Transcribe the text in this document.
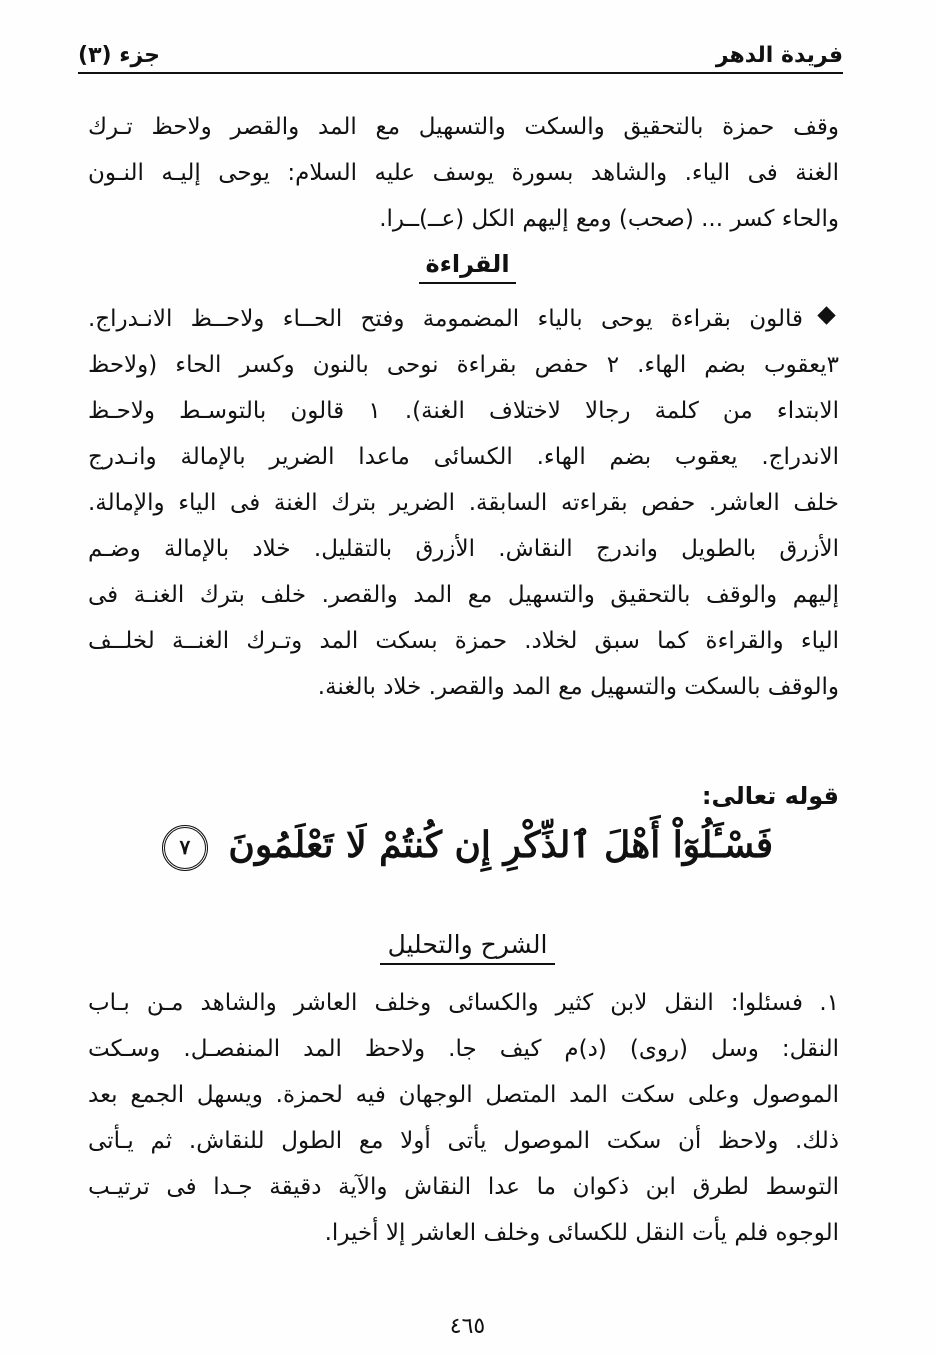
فريدة الدهر
جزء (٣)
وقف حمزة بالتحقيق والسكت والتسهيل مع المد والقصر ولاحظ تـرك
الغنة فى الياء. والشاهد بسورة يوسف عليه السلام: يوحى إليـه النـون
والحاء كسر ... (صحب) ومع إليهم الكل (عــ)ــرا.
القراءة
قالون بقراءة يوحى بالياء المضمومة وفتح الحــاء ولاحــظ الانـدراج.
٣يعقوب بضم الهاء. ٢ حفص بقراءة نوحى بالنون وكسر الحاء (ولاحظ
الابتداء من كلمة رجالا لاختلاف الغنة). ١ قالون بالتوسـط ولاحـظ
الاندراج. يعقوب بضم الهاء. الكسائى ماعدا الضرير بالإمالة وانـدرج
خلف العاشر. حفص بقراءته السابقة. الضرير بترك الغنة فى الياء والإمالة.
الأزرق بالطويل واندرج النقاش. الأزرق بالتقليل. خلاد بالإمالة وضـم
إليهم والوقف بالتحقيق والتسهيل مع المد والقصر. خلف بترك الغنـة فى
الياء والقراءة كما سبق لخلاد. حمزة بسكت المد وتـرك الغنــة لخلــف
والوقف بالسكت والتسهيل مع المد والقصر. خلاد بالغنة.
قوله تعالى:
فَسْـَٔلُوٓاْ أَهْلَ ٱلذِّكْرِ إِن كُنتُمْ لَا تَعْلَمُونَ ٧
الشرح والتحليل
١.
فسئلوا: النقل لابن كثير والكسائى وخلف العاشر والشاهد مـن بـاب
النقل: وسل (روى) (د)م كيف جا. ولاحظ المد المنفصـل. وسـكت
الموصول وعلى سكت المد المتصل الوجهان فيه لحمزة. ويسهل الجمع بعد
ذلك. ولاحظ أن سكت الموصول يأتى أولا مع الطول للنقاش. ثم يـأتى
التوسط لطرق ابن ذكوان ما عدا النقاش والآية دقيقة جـدا فى ترتيـب
الوجوه فلم يأت النقل للكسائى وخلف العاشر إلا أخيرا.
٤٦٥
